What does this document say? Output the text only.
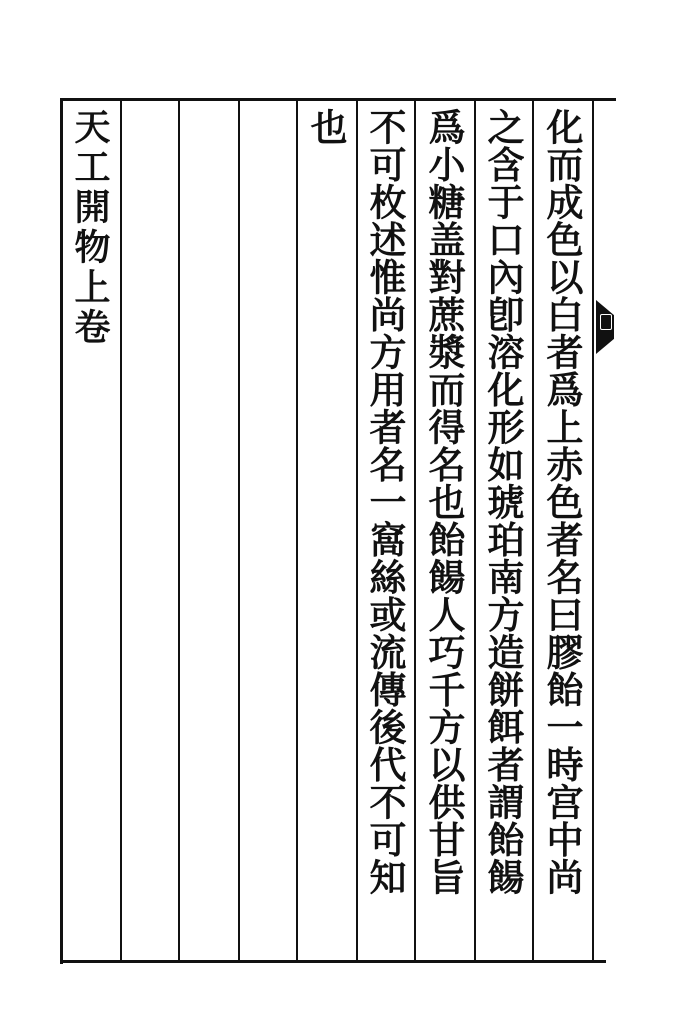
化而成色以白者爲上赤色者名曰膠飴一時宫中尚
之含于口內卽溶化形如琥珀南方造餅餌者謂飴餳
爲小糖盖對蔗漿而得名也飴餳人巧千方以供甘旨
不可枚述惟尚方用者名一窩絲或流傳後代不可知
也
天工開物上卷
